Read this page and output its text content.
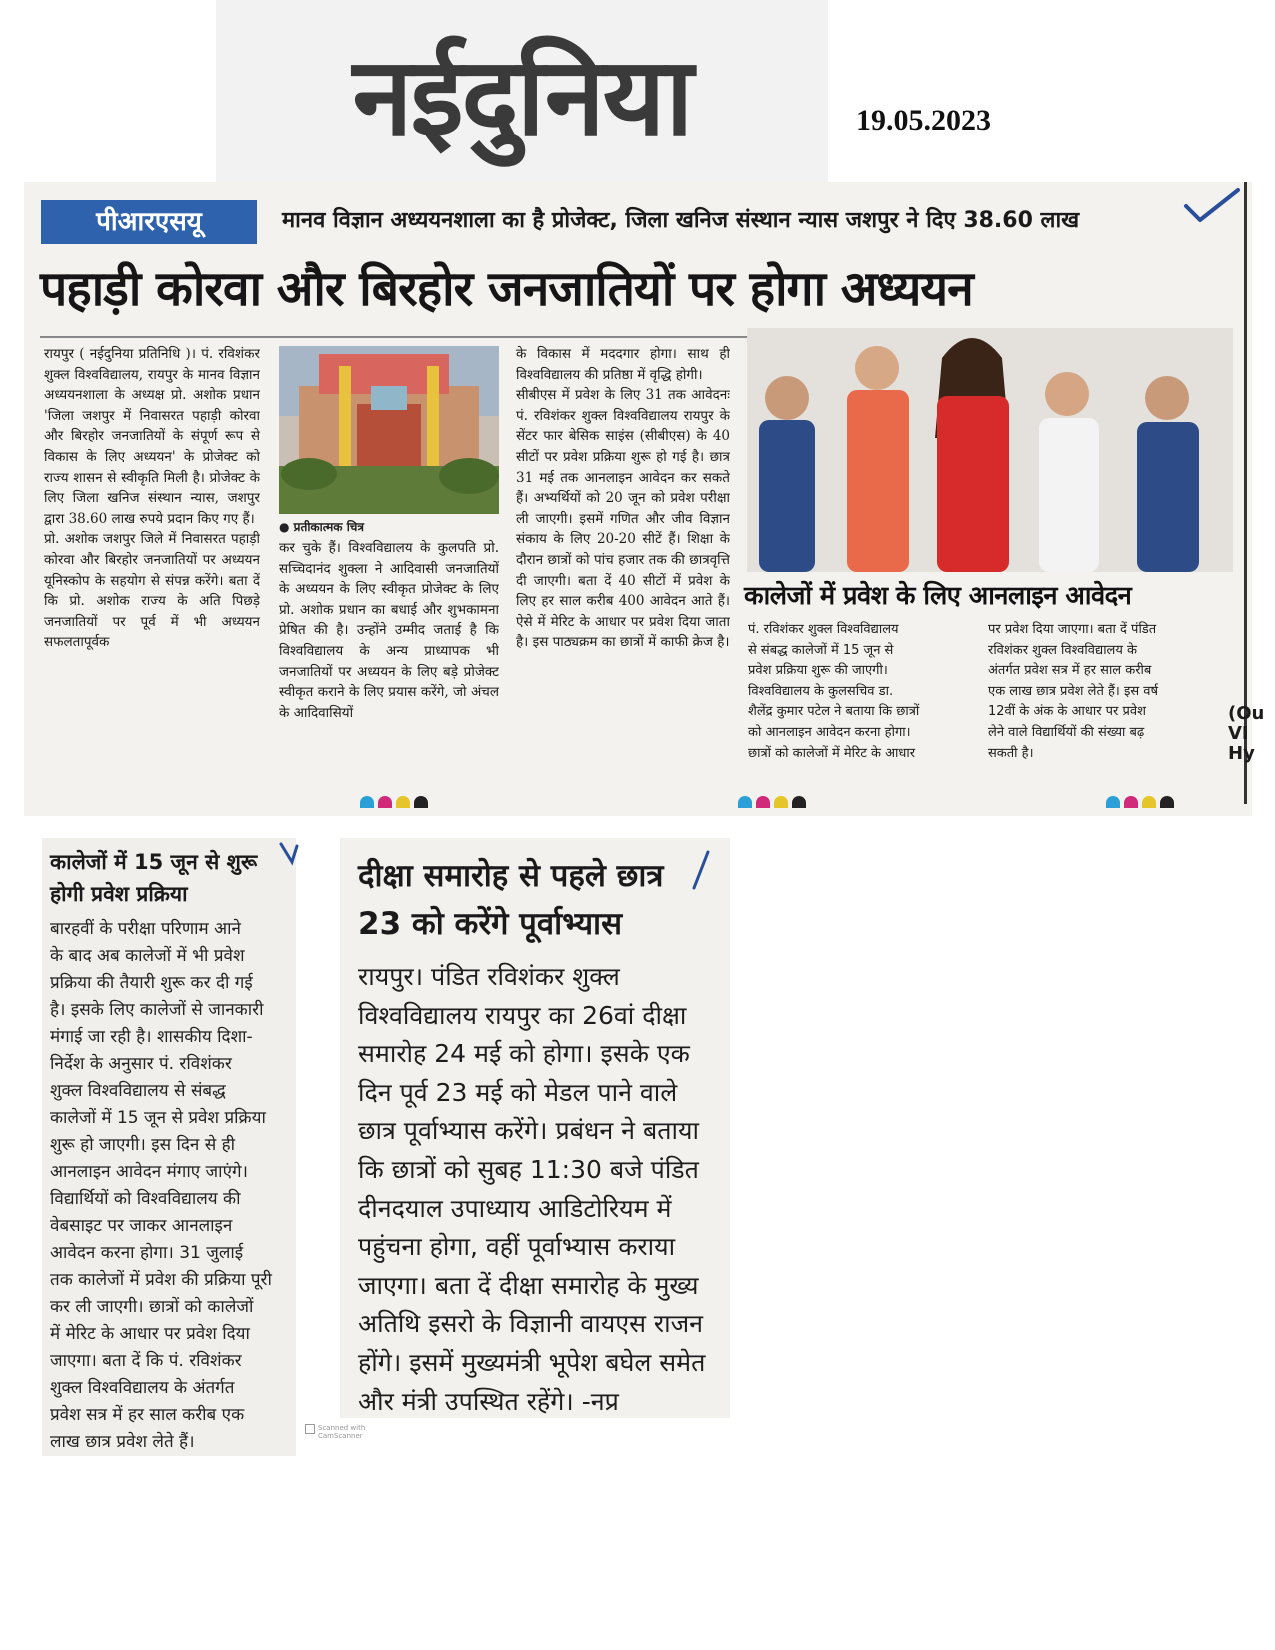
नईदुनिया	19.05.2023
पीआरएसयू	मानव विज्ञान अध्ययनशाला का है प्रोजेक्ट, जिला खनिज संस्थान न्यास जशपुर ने दिए 38.60 लाख
पहाड़ी कोरवा और बिरहोर जनजातियों पर होगा अध्ययन
रायपुर ( नईदुनिया प्रतिनिधि )। पं. रविशंकर शुक्ल विश्वविद्यालय, रायपुर के मानव विज्ञान अध्ययनशाला के अध्यक्ष प्रो. अशोक प्रधान 'जिला जशपुर में निवासरत पहाड़ी कोरवा और बिरहोर जनजातियों के संपूर्ण रूप से विकास के लिए अध्ययन' के प्रोजेक्ट को राज्य शासन से स्वीकृति मिली है। प्रोजेक्ट के लिए जिला खनिज संस्थान न्यास, जशपुर द्वारा 38.60 लाख रुपये प्रदान किए गए हैं।
प्रो. अशोक जशपुर जिले में निवासरत पहाड़ी कोरवा और बिरहोर जनजातियों पर अध्ययन यूनिस्कोप के सहयोग से संपन्न करेंगे। बता दें कि प्रो. अशोक राज्य के अति पिछड़े जनजातियों पर पूर्व में भी अध्ययन सफलतापूर्वक
● प्रतीकात्मक चित्र
कर चुके हैं। विश्वविद्यालय के कुलपति प्रो. सच्चिदानंद शुक्ला ने आदिवासी जनजातियों के अध्ययन के लिए स्वीकृत प्रोजेक्ट के लिए प्रो. अशोक प्रधान का बधाई और शुभकामना प्रेषित की है। उन्होंने उम्मीद जताई है कि विश्वविद्यालय के अन्य प्राध्यापक भी जनजातियों पर अध्ययन के लिए बड़े प्रोजेक्ट स्वीकृत कराने के लिए प्रयास करेंगे, जो अंचल के आदिवासियों
के विकास में मददगार होगा। साथ ही विश्वविद्यालय की प्रतिष्ठा में वृद्धि होगी।
सीबीएस में प्रवेश के लिए 31 तक आवेदनः पं. रविशंकर शुक्ल विश्वविद्यालय रायपुर के सेंटर फार बेसिक साइंस (सीबीएस) के 40 सीटों पर प्रवेश प्रक्रिया शुरू हो गई है। छात्र 31 मई तक आनलाइन आवेदन कर सकते हैं। अभ्यर्थियों को 20 जून को प्रवेश परीक्षा ली जाएगी। इसमें गणित और जीव विज्ञान संकाय के लिए 20-20 सीटें हैं। शिक्षा के दौरान छात्रों को पांच हजार तक की छात्रवृत्ति दी जाएगी। बता दें 40 सीटों में प्रवेश के लिए हर साल करीब 400 आवेदन आते हैं। ऐसे में मेरिट के आधार पर प्रवेश दिया जाता है। इस पाठ्यक्रम का छात्रों में काफी क्रेज है।
कालेजों में प्रवेश के लिए आनलाइन आवेदन
पं. रविशंकर शुक्ल विश्वविद्यालय
से संबद्ध कालेजों में 15 जून से
प्रवेश प्रक्रिया शुरू की जाएगी।
विश्वविद्यालय के कुलसचिव डा.
शैलेंद्र कुमार पटेल ने बताया कि छात्रों
को आनलाइन आवेदन करना होगा।
छात्रों को कालेजों में मेरिट के आधार
पर प्रवेश दिया जाएगा। बता दें पंडित
रविशंकर शुक्ल विश्वविद्यालय के
अंतर्गत प्रवेश सत्र में हर साल करीब
एक लाख छात्र प्रवेश लेते हैं। इस वर्ष
12वीं के अंक के आधार पर प्रवेश
लेने वाले विद्यार्थियों की संख्या बढ़
सकती है।
(Ou
VI
Hy
कालेजों में 15 जून से शुरू
होगी प्रवेश प्रक्रिया
बारहवीं के परीक्षा परिणाम आने
के बाद अब कालेजों में भी प्रवेश
प्रक्रिया की तैयारी शुरू कर दी गई
है। इसके लिए कालेजों से जानकारी
मंगाई जा रही है। शासकीय दिशा-
निर्देश के अनुसार पं. रविशंकर
शुक्ल विश्वविद्यालय से संबद्ध
कालेजों में 15 जून से प्रवेश प्रक्रिया
शुरू हो जाएगी। इस दिन से ही
आनलाइन आवेदन मंगाए जाएंगे।
विद्यार्थियों को विश्वविद्यालय की
वेबसाइट पर जाकर आनलाइन
आवेदन करना होगा। 31 जुलाई
तक कालेजों में प्रवेश की प्रक्रिया पूरी
कर ली जाएगी। छात्रों को कालेजों
में मेरिट के आधार पर प्रवेश दिया
जाएगा। बता दें कि पं. रविशंकर
शुक्ल विश्वविद्यालय के अंतर्गत
प्रवेश सत्र में हर साल करीब एक
लाख छात्र प्रवेश लेते हैं।
दीक्षा समारोह से पहले छात्र
23 को करेंगे पूर्वाभ्यास
रायपुर। पंडित रविशंकर शुक्ल
विश्वविद्यालय रायपुर का 26वां दीक्षा
समारोह 24 मई को होगा। इसके एक
दिन पूर्व 23 मई को मेडल पाने वाले
छात्र पूर्वाभ्यास करेंगे। प्रबंधन ने बताया
कि छात्रों को सुबह 11:30 बजे पंडित
दीनदयाल उपाध्याय आडिटोरियम में
पहुंचना होगा, वहीं पूर्वाभ्यास कराया
जाएगा। बता दें दीक्षा समारोह के मुख्य
अतिथि इसरो के विज्ञानी वायएस राजन
होंगे। इसमें मुख्यमंत्री भूपेश बघेल समेत
और मंत्री उपस्थित रहेंगे। -नप्र
Scanned with CamScanner
